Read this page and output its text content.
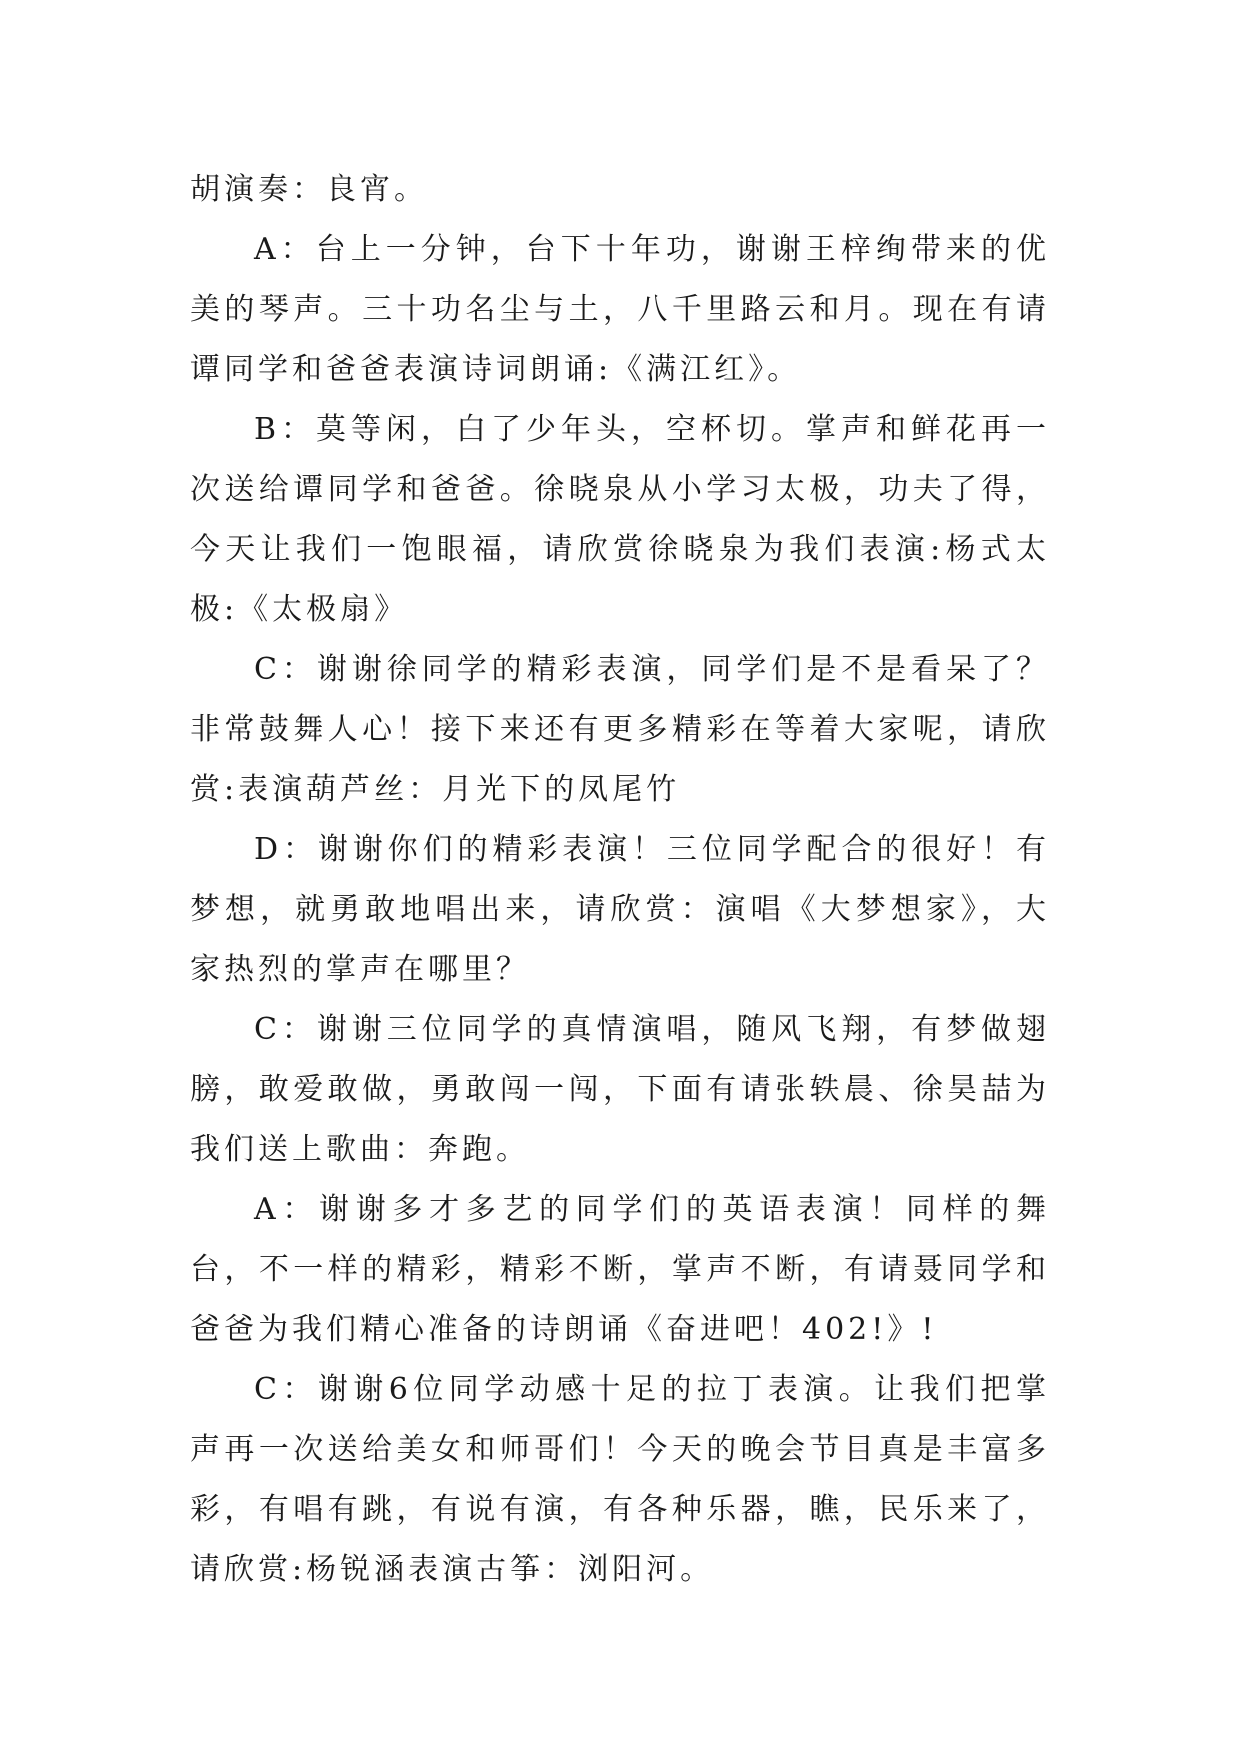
胡演奏：良宵。

A：台上一分钟，台下十年功，谢谢王梓绚带来的优美的琴声。三十功名尘与土，八千里路云和月。现在有请谭同学和爸爸表演诗词朗诵:《满江红》。

B：莫等闲，白了少年头，空杯切。掌声和鲜花再一次送给谭同学和爸爸。徐晓泉从小学习太极，功夫了得，今天让我们一饱眼福，请欣赏徐晓泉为我们表演:杨式太极:《太极扇》

C：谢谢徐同学的精彩表演，同学们是不是看呆了？非常鼓舞人心！接下来还有更多精彩在等着大家呢，请欣赏:表演葫芦丝：月光下的凤尾竹

D：谢谢你们的精彩表演！三位同学配合的很好！有梦想，就勇敢地唱出来，请欣赏：演唱《大梦想家》，大家热烈的掌声在哪里？

C：谢谢三位同学的真情演唱，随风飞翔，有梦做翅膀，敢爱敢做，勇敢闯一闯，下面有请张轶晨、徐昊喆为我们送上歌曲：奔跑。

A：谢谢多才多艺的同学们的英语表演！同样的舞台，不一样的精彩，精彩不断，掌声不断，有请聂同学和爸爸为我们精心准备的诗朗诵《奋进吧！402!》!

C：谢谢6位同学动感十足的拉丁表演。让我们把掌声再一次送给美女和师哥们！今天的晚会节目真是丰富多彩，有唱有跳，有说有演，有各种乐器，瞧，民乐来了，请欣赏:杨锐涵表演古筝：浏阳河。
